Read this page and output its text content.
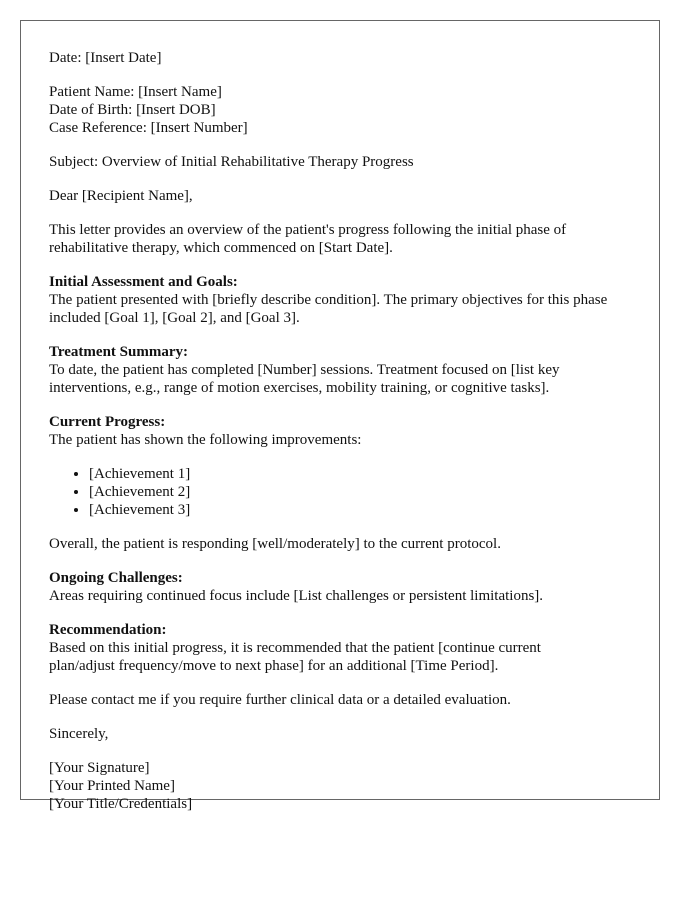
Date: [Insert Date]

Patient Name: [Insert Name]
Date of Birth: [Insert DOB]
Case Reference: [Insert Number]

Subject: Overview of Initial Rehabilitative Therapy Progress

Dear [Recipient Name],

This letter provides an overview of the patient's progress following the initial phase of rehabilitative therapy, which commenced on [Start Date].

Initial Assessment and Goals:
The patient presented with [briefly describe condition]. The primary objectives for this phase included [Goal 1], [Goal 2], and [Goal 3].
Treatment Summary:
To date, the patient has completed [Number] sessions. Treatment focused on [list key interventions, e.g., range of motion exercises, mobility training, or cognitive tasks].
Current Progress:
The patient has shown the following improvements:
• [Achievement 1]
• [Achievement 2]
• [Achievement 3]

Overall, the patient is responding [well/moderately] to the current protocol.

Ongoing Challenges:
Areas requiring continued focus include [List challenges or persistent limitations].
Recommendation:
Based on this initial progress, it is recommended that the patient [continue current plan/adjust frequency/move to next phase] for an additional [Time Period].

Please contact me if you require further clinical data or a detailed evaluation.

Sincerely,

[Your Signature]
[Your Printed Name]
[Your Title/Credentials]
